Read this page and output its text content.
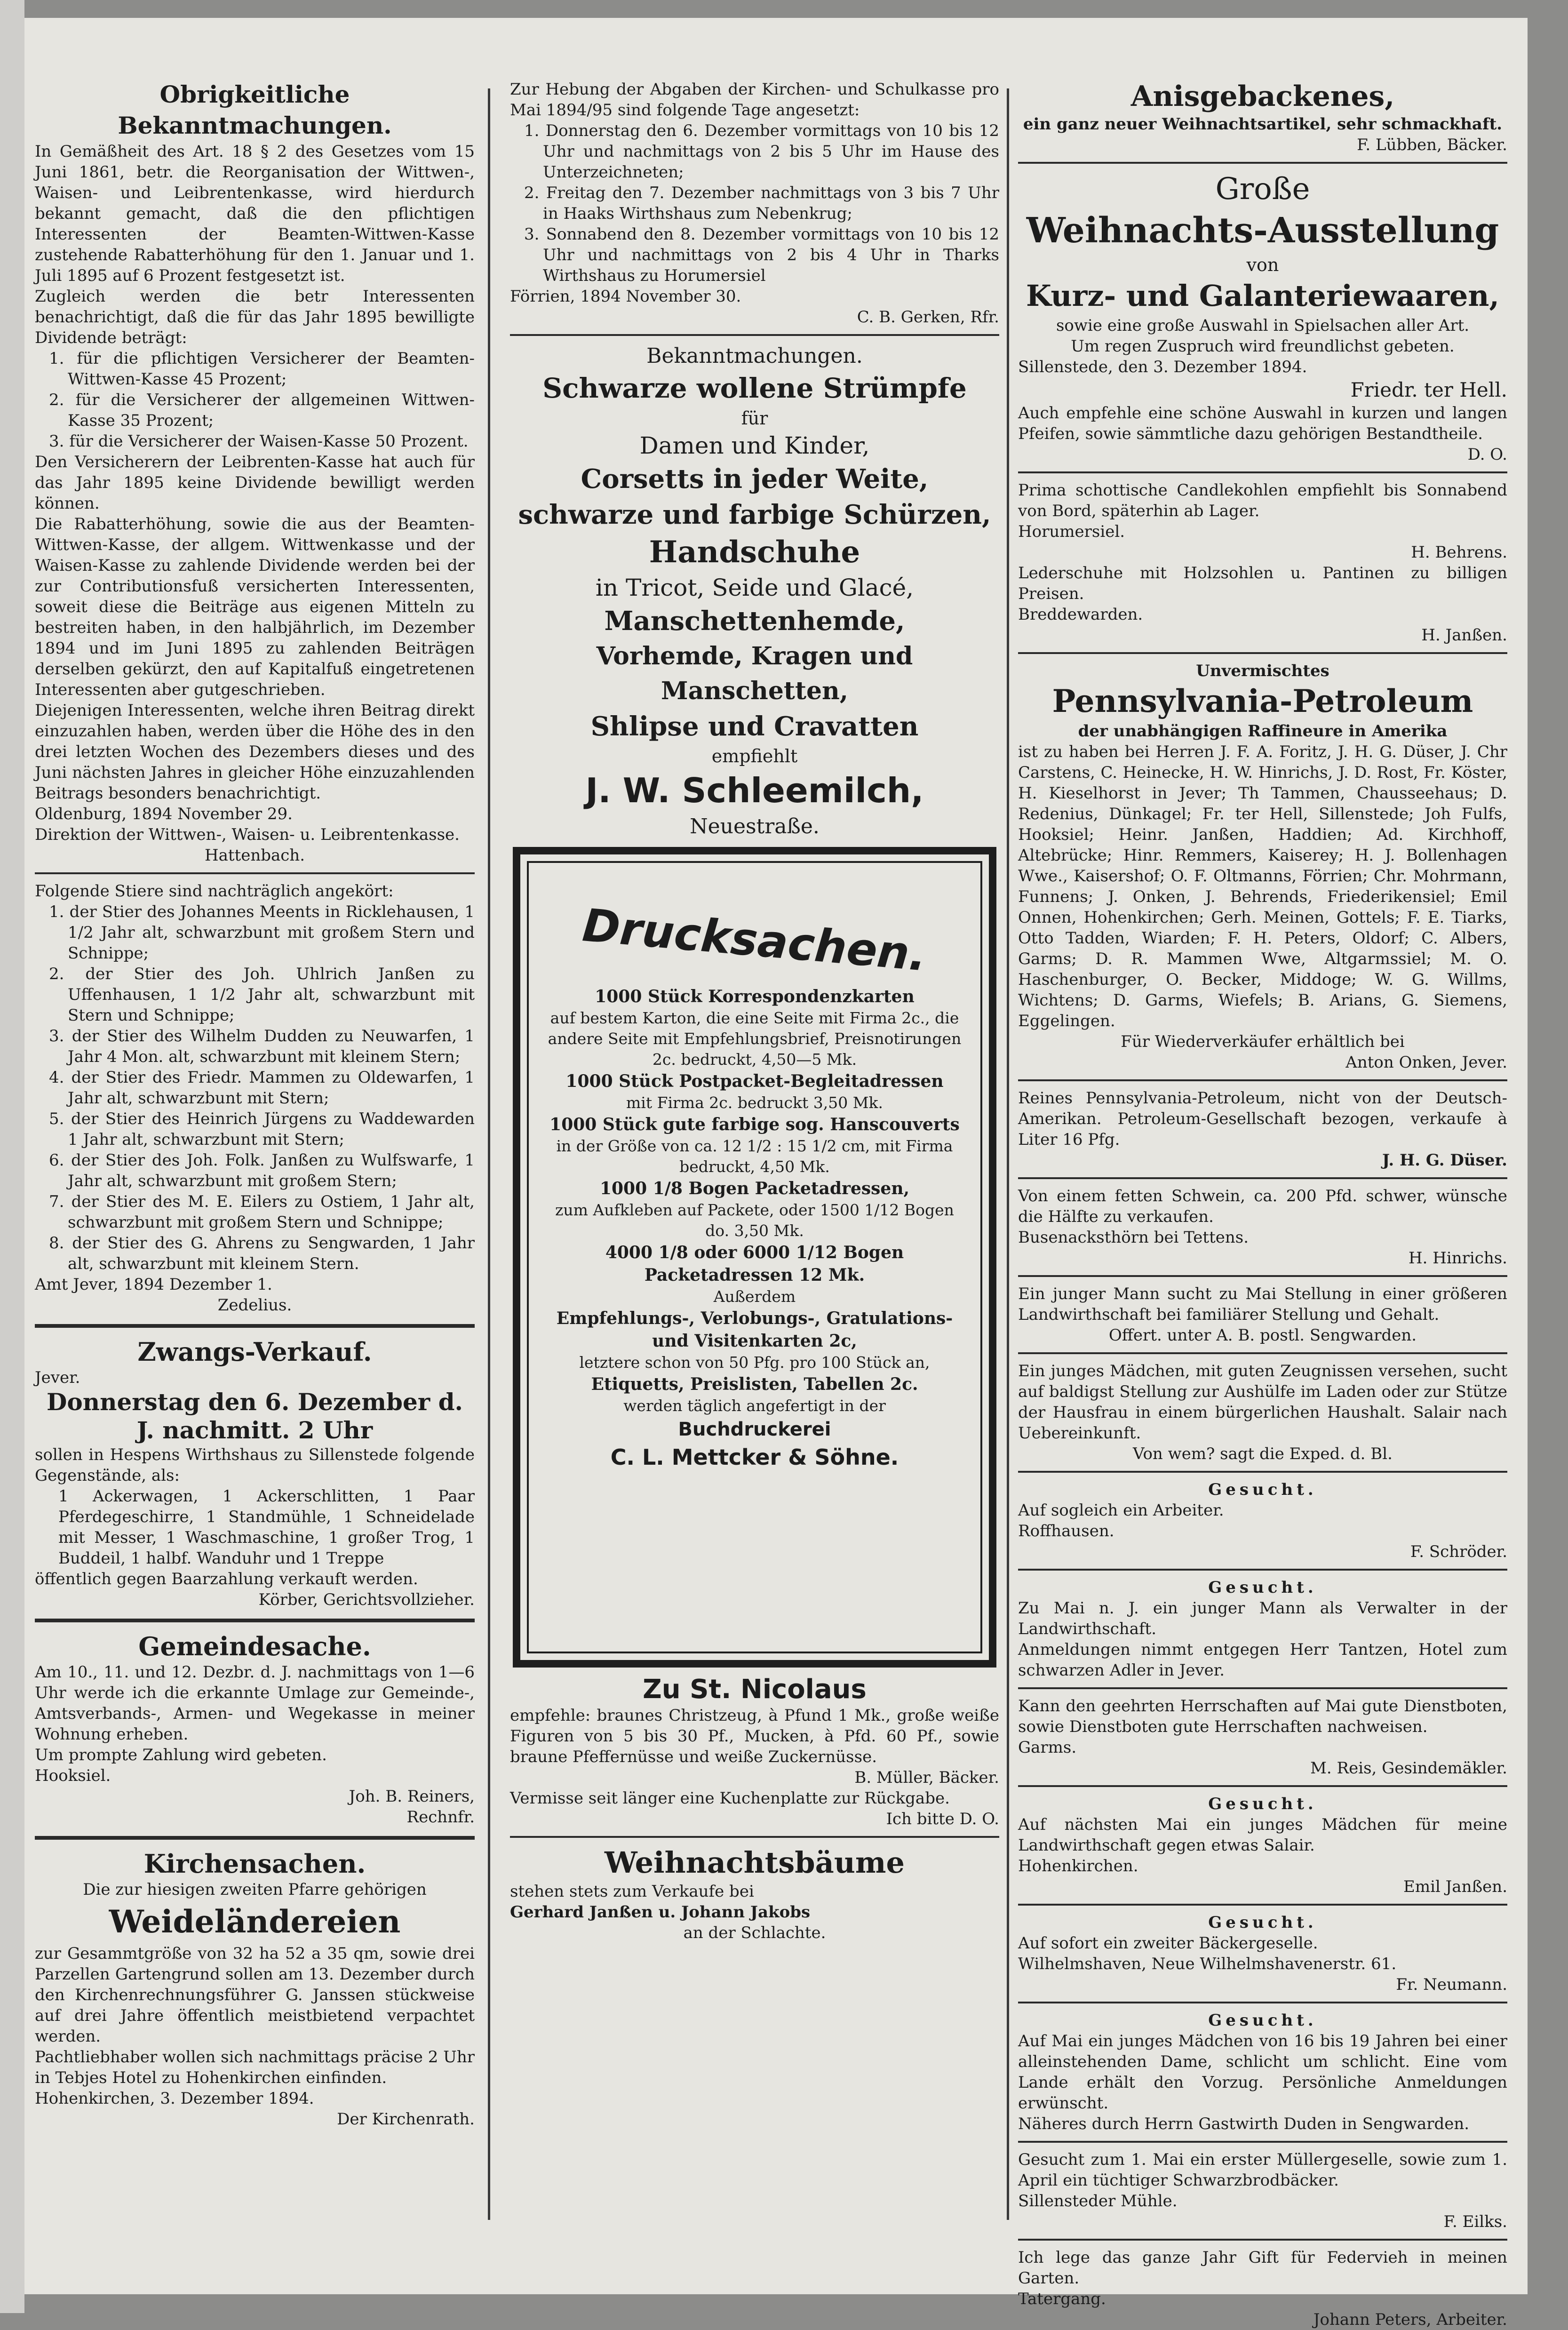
Obrigkeitliche Bekanntmachungen.

In Gemäßheit des Art. 18 § 2 des Gesetzes vom 15 Juni 1861, betr. die Reorganisation der Wittwen-, Waisen- und Leibrentenkasse, wird hierdurch bekannt gemacht, daß die den pflichtigen Interessenten der Beamten-Wittwen-Kasse zustehende Rabatterhöhung für den 1. Januar und 1. Juli 1895 auf 6 Prozent festgesetzt ist.

Zugleich werden die betr Interessenten benachrichtigt, daß die für das Jahr 1895 bewilligte Dividende beträgt:

1. für die pflichtigen Versicherer der Beamten-Wittwen-Kasse 45 Prozent;

2. für die Versicherer der allgemeinen Wittwen-Kasse 35 Prozent;

3. für die Versicherer der Waisen-Kasse 50 Prozent.

Den Versicherern der Leibrenten-Kasse hat auch für das Jahr 1895 keine Dividende bewilligt werden können.

Die Rabatterhöhung, sowie die aus der Beamten-Wittwen-Kasse, der allgem. Wittwenkasse und der Waisen-Kasse zu zahlende Dividende werden bei der zur Contributionsfuß versicherten Interessenten, soweit diese die Beiträge aus eigenen Mitteln zu bestreiten haben, in den halbjährlich, im Dezember 1894 und im Juni 1895 zu zahlenden Beiträgen derselben gekürzt, den auf Kapitalfuß eingetretenen Interessenten aber gutgeschrieben.

Diejenigen Interessenten, welche ihren Beitrag direkt einzuzahlen haben, werden über die Höhe des in den drei letzten Wochen des Dezembers dieses und des Juni nächsten Jahres in gleicher Höhe einzuzahlenden Beitrags besonders benachrichtigt.

Oldenburg, 1894 November 29.

Direktion der Wittwen-, Waisen- u. Leibrentenkasse.

Hattenbach.

Folgende Stiere sind nachträglich angekört:

1. der Stier des Johannes Meents in Ricklehausen, 1 1/2 Jahr alt, schwarzbunt mit großem Stern und Schnippe;

2. der Stier des Joh. Uhlrich Janßen zu Uffenhausen, 1 1/2 Jahr alt, schwarzbunt mit Stern und Schnippe;

3. der Stier des Wilhelm Dudden zu Neuwarfen, 1 Jahr 4 Mon. alt, schwarzbunt mit kleinem Stern;

4. der Stier des Friedr. Mammen zu Oldewarfen, 1 Jahr alt, schwarzbunt mit Stern;

5. der Stier des Heinrich Jürgens zu Waddewarden 1 Jahr alt, schwarzbunt mit Stern;

6. der Stier des Joh. Folk. Janßen zu Wulfswarfe, 1 Jahr alt, schwarzbunt mit großem Stern;

7. der Stier des M. E. Eilers zu Ostiem, 1 Jahr alt, schwarzbunt mit großem Stern und Schnippe;

8. der Stier des G. Ahrens zu Sengwarden, 1 Jahr alt, schwarzbunt mit kleinem Stern.

Amt Jever, 1894 Dezember 1.

Zedelius.

Zwangs-Verkauf.

Jever.

Donnerstag den 6. Dezember d. J. nachmitt. 2 Uhr

sollen in Hespens Wirthshaus zu Sillenstede folgende Gegenstände, als:

1 Ackerwagen, 1 Ackerschlitten, 1 Paar Pferdegeschirre, 1 Standmühle, 1 Schneidelade mit Messer, 1 Waschmaschine, 1 großer Trog, 1 Buddeil, 1 halbf. Wanduhr und 1 Treppe

öffentlich gegen Baarzahlung verkauft werden.

Körber, Gerichtsvollzieher.

Gemeindesache.

Am 10., 11. und 12. Dezbr. d. J. nachmittags von 1—6 Uhr werde ich die erkannte Umlage zur Gemeinde-, Amtsverbands-, Armen- und Wegekasse in meiner Wohnung erheben.

Um prompte Zahlung wird gebeten.

Hooksiel.

Joh. B. Reiners,

Rechnfr.

Kirchensachen.

Die zur hiesigen zweiten Pfarre gehörigen

Weideländereien

zur Gesammtgröße von 32 ha 52 a 35 qm, sowie drei Parzellen Gartengrund sollen am 13. Dezember durch den Kirchenrechnungsführer G. Janssen stückweise auf drei Jahre öffentlich meistbietend verpachtet werden.

Pachtliebhaber wollen sich nachmittags präcise 2 Uhr in Tebjes Hotel zu Hohenkirchen einfinden.

Hohenkirchen, 3. Dezember 1894.

Der Kirchenrath.

Zur Hebung der Abgaben der Kirchen- und Schulkasse pro Mai 1894/95 sind folgende Tage angesetzt:

1. Donnerstag den 6. Dezember vormittags von 10 bis 12 Uhr und nachmittags von 2 bis 5 Uhr im Hause des Unterzeichneten;

2. Freitag den 7. Dezember nachmittags von 3 bis 7 Uhr in Haaks Wirthshaus zum Nebenkrug;

3. Sonnabend den 8. Dezember vormittags von 10 bis 12 Uhr und nachmittags von 2 bis 4 Uhr in Tharks Wirthshaus zu Horumersiel

Förrien, 1894 November 30.

C. B. Gerken, Rfr.

Bekanntmachungen.

Schwarze wollene Strümpfe

für

Damen und Kinder,

Corsetts in jeder Weite,

schwarze und farbige Schürzen,

Handschuhe

in Tricot, Seide und Glacé,

Manschettenhemde,

Vorhemde, Kragen und Manschetten,

Shlipse und Cravatten

empfiehlt

J. W. Schleemilch,

Neuestraße.

Drucksachen.

1000 Stück Korrespondenzkarten

auf bestem Karton, die eine Seite mit Firma 2c., die andere Seite mit Empfehlungsbrief, Preisnotirungen 2c. bedruckt, 4,50—5 Mk.

1000 Stück Postpacket-Begleitadressen

mit Firma 2c. bedruckt 3,50 Mk.

1000 Stück gute farbige sog. Hanscouverts

in der Größe von ca. 12 1/2 : 15 1/2 cm, mit Firma bedruckt, 4,50 Mk.

1000 1/8 Bogen Packetadressen,

zum Aufkleben auf Packete, oder 1500 1/12 Bogen do. 3,50 Mk.

4000 1/8 oder 6000 1/12 Bogen Packetadressen 12 Mk.

Außerdem

Empfehlungs-, Verlobungs-, Gratulations- und Visitenkarten 2c,

letztere schon von 50 Pfg. pro 100 Stück an,

Etiquetts, Preislisten, Tabellen 2c.

werden täglich angefertigt in der

Buchdruckerei

C. L. Mettcker & Söhne.

Zu St. Nicolaus

empfehle: braunes Christzeug, à Pfund 1 Mk., große weiße Figuren von 5 bis 30 Pf., Mucken, à Pfd. 60 Pf., sowie braune Pfeffernüsse und weiße Zuckernüsse.

B. Müller, Bäcker.

Vermisse seit länger eine Kuchenplatte zur Rückgabe.

Ich bitte D. O.

Weihnachtsbäume

stehen stets zum Verkaufe bei

Gerhard Janßen u. Johann Jakobs

an der Schlachte.

Anisgebackenes,

ein ganz neuer Weihnachtsartikel, sehr schmackhaft.

F. Lübben, Bäcker.

Große

Weihnachts-Ausstellung

von

Kurz- und Galanteriewaaren,

sowie eine große Auswahl in Spielsachen aller Art.

Um regen Zuspruch wird freundlichst gebeten.

Sillenstede, den 3. Dezember 1894.

Friedr. ter Hell.

Auch empfehle eine schöne Auswahl in kurzen und langen Pfeifen, sowie sämmtliche dazu gehörigen Bestandtheile.

D. O.

Prima schottische Candlekohlen empfiehlt bis Sonnabend von Bord, späterhin ab Lager.

Horumersiel.

H. Behrens.

Lederschuhe mit Holzsohlen u. Pantinen zu billigen Preisen.

Breddewarden.

H. Janßen.

Unvermischtes

Pennsylvania-Petroleum

der unabhängigen Raffineure in Amerika

ist zu haben bei Herren J. F. A. Foritz, J. H. G. Düser, J. Chr Carstens, C. Heinecke, H. W. Hinrichs, J. D. Rost, Fr. Köster, H. Kieselhorst in Jever; Th Tammen, Chausseehaus; D. Redenius, Dünkagel; Fr. ter Hell, Sillenstede; Joh Fulfs, Hooksiel; Heinr. Janßen, Haddien; Ad. Kirchhoff, Altebrücke; Hinr. Remmers, Kaiserey; H. J. Bollenhagen Wwe., Kaisershof; O. F. Oltmanns, Förrien; Chr. Mohrmann, Funnens; J. Onken, J. Behrends, Friederikensiel; Emil Onnen, Hohenkirchen; Gerh. Meinen, Gottels; F. E. Tiarks, Otto Tadden, Wiarden; F. H. Peters, Oldorf; C. Albers, Garms; D. R. Mammen Wwe, Altgarmssiel; M. O. Haschenburger, O. Becker, Middoge; W. G. Willms, Wichtens; D. Garms, Wiefels; B. Arians, G. Siemens, Eggelingen.

Für Wiederverkäufer erhältlich bei

Anton Onken, Jever.

Reines Pennsylvania-Petroleum, nicht von der Deutsch-Amerikan. Petroleum-Gesellschaft bezogen, verkaufe à Liter 16 Pfg.

J. H. G. Düser.

Von einem fetten Schwein, ca. 200 Pfd. schwer, wünsche die Hälfte zu verkaufen.

Busenacksthörn bei Tettens.

H. Hinrichs.

Ein junger Mann sucht zu Mai Stellung in einer größeren Landwirthschaft bei familiärer Stellung und Gehalt.

Offert. unter A. B. postl. Sengwarden.

Ein junges Mädchen, mit guten Zeugnissen versehen, sucht auf baldigst Stellung zur Aushülfe im Laden oder zur Stütze der Hausfrau in einem bürgerlichen Haushalt. Salair nach Uebereinkunft.

Von wem? sagt die Exped. d. Bl.

Gesucht.

Auf sogleich ein Arbeiter.

Roffhausen.

F. Schröder.

Gesucht.

Zu Mai n. J. ein junger Mann als Verwalter in der Landwirthschaft.

Anmeldungen nimmt entgegen Herr Tantzen, Hotel zum schwarzen Adler in Jever.

Kann den geehrten Herrschaften auf Mai gute Dienstboten, sowie Dienstboten gute Herrschaften nachweisen.

Garms.

M. Reis, Gesindemäkler.

Gesucht.

Auf nächsten Mai ein junges Mädchen für meine Landwirthschaft gegen etwas Salair.

Hohenkirchen.

Emil Janßen.

Gesucht.

Auf sofort ein zweiter Bäckergeselle.

Wilhelmshaven, Neue Wilhelmshavenerstr. 61.

Fr. Neumann.

Gesucht.

Auf Mai ein junges Mädchen von 16 bis 19 Jahren bei einer alleinstehenden Dame, schlicht um schlicht. Eine vom Lande erhält den Vorzug. Persönliche Anmeldungen erwünscht.

Näheres durch Herrn Gastwirth Duden in Sengwarden.

Gesucht zum 1. Mai ein erster Müllergeselle, sowie zum 1. April ein tüchtiger Schwarzbrodbäcker.

Sillensteder Mühle.

F. Eilks.

Ich lege das ganze Jahr Gift für Federvieh in meinen Garten.

Tatergang.

Johann Peters, Arbeiter.
